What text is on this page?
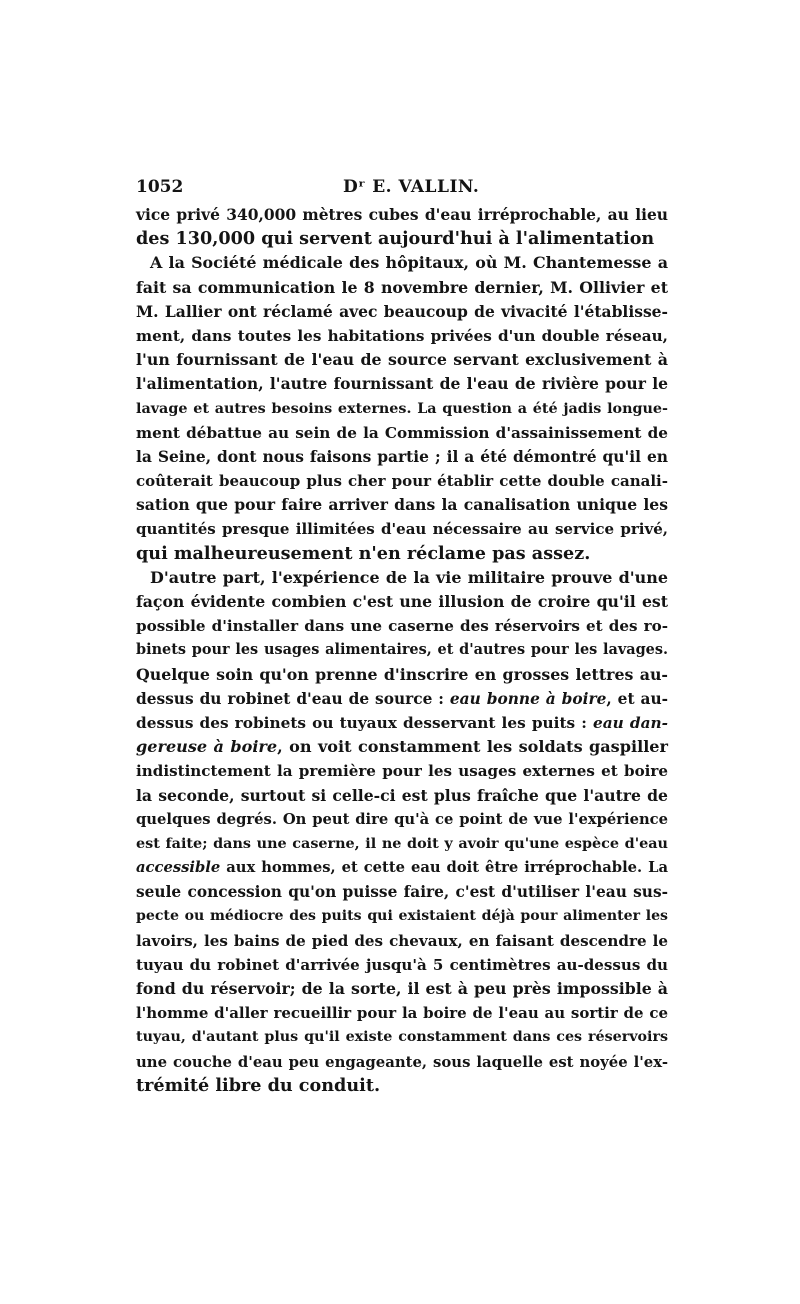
1052	Dʳ E. VALLIN.
vice privé 340,000 mètres cubes d'eau irréprochable, au lieu
des 130,000 qui servent aujourd'hui à l'alimentation
A la Société médicale des hôpitaux, où M. Chantemesse a
fait sa communication le 8 novembre dernier, M. Ollivier et
M. Lallier ont réclamé avec beaucoup de vivacité l'établisse-
ment, dans toutes les habitations privées d'un double réseau,
l'un fournissant de l'eau de source servant exclusivement à
l'alimentation, l'autre fournissant de l'eau de rivière pour le
lavage et autres besoins externes. La question a été jadis longue-
ment débattue au sein de la Commission d'assainissement de
la Seine, dont nous faisons partie ; il a été démontré qu'il en
coûterait beaucoup plus cher pour établir cette double canali-
sation que pour faire arriver dans la canalisation unique les
quantités presque illimitées d'eau nécessaire au service privé,
qui malheureusement n'en réclame pas assez.
D'autre part, l'expérience de la vie militaire prouve d'une
façon évidente combien c'est une illusion de croire qu'il est
possible d'installer dans une caserne des réservoirs et des ro-
binets pour les usages alimentaires, et d'autres pour les lavages.
Quelque soin qu'on prenne d'inscrire en grosses lettres au-
dessus du robinet d'eau de source : eau bonne à boire, et au-
dessus des robinets ou tuyaux desservant les puits : eau dan-
gereuse à boire, on voit constamment les soldats gaspiller
indistinctement la première pour les usages externes et boire
la seconde, surtout si celle-ci est plus fraîche que l'autre de
quelques degrés. On peut dire qu'à ce point de vue l'expérience
est faite; dans une caserne, il ne doit y avoir qu'une espèce d'eau
accessible aux hommes, et cette eau doit être irréprochable. La
seule concession qu'on puisse faire, c'est d'utiliser l'eau sus-
pecte ou médiocre des puits qui existaient déjà pour alimenter les
lavoirs, les bains de pied des chevaux, en faisant descendre le
tuyau du robinet d'arrivée jusqu'à 5 centimètres au-dessus du
fond du réservoir; de la sorte, il est à peu près impossible à
l'homme d'aller recueillir pour la boire de l'eau au sortir de ce
tuyau, d'autant plus qu'il existe constamment dans ces réservoirs
une couche d'eau peu engageante, sous laquelle est noyée l'ex-
trémité libre du conduit.
